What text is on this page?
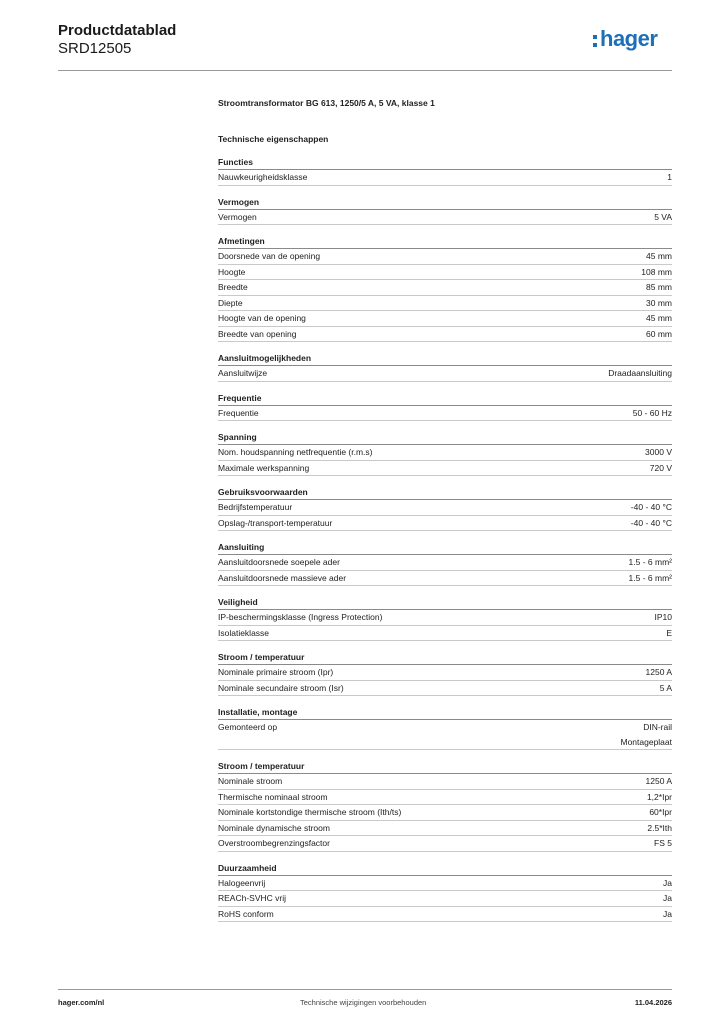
Productdatablad
SRD12505	hager
Stroomtransformator BG 613, 1250/5 A, 5 VA, klasse 1
Technische eigenschappen
Functies
Nauwkeurigheidsklasse	1
Vermogen
Vermogen	5 VA
Afmetingen
Doorsnede van de opening	45 mm
Hoogte	108 mm
Breedte	85 mm
Diepte	30 mm
Hoogte van de opening	45 mm
Breedte van opening	60 mm
Aansluitmogelijkheden
Aansluitwijze	Draadaansluiting
Frequentie
Frequentie	50 - 60 Hz
Spanning
Nom. houdspanning netfrequentie (r.m.s)	3000 V
Maximale werkspanning	720 V
Gebruiksvoorwaarden
Bedrijfstemperatuur	-40 - 40 °C
Opslag-/transport-temperatuur	-40 - 40 °C
Aansluiting
Aansluitdoorsnede soepele ader	1.5 - 6 mm²
Aansluitdoorsnede massieve ader	1.5 - 6 mm²
Veiligheid
IP-beschermingsklasse (Ingress Protection)	IP10
Isolatieklasse	E
Stroom / temperatuur
Nominale primaire stroom (Ipr)	1250 A
Nominale secundaire stroom (Isr)	5 A
Installatie, montage
Gemonteerd op	DIN-rail
Montageplaat
Stroom / temperatuur
Nominale stroom	1250 A
Thermische nominaal stroom	1,2*Ipr
Nominale kortstondige thermische stroom (Ith/ts)	60*Ipr
Nominale dynamische stroom	2.5*Ith
Overstroombegrenzingsfactor	FS 5
Duurzaamheid
Halogeenvrij	Ja
REACh-SVHC vrij	Ja
RoHS conform	Ja
hager.com/nl	Technische wijzigingen voorbehouden	11.04.2026
